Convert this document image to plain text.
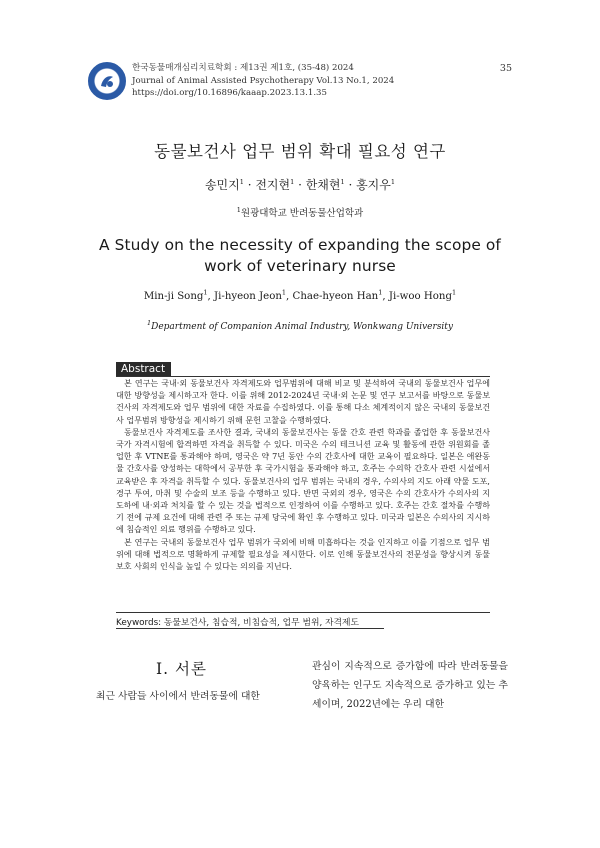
한국동물매개심리치료학회 : 제13권 제1호, (35-48) 2024
Journal of Animal Assisted Psychotherapy Vol.13 No.1, 2024
https://doi.org/10.16896/kaaap.2023.13.1.35
35
동물보건사 업무 범위 확대 필요성 연구
송민지$^1$ · 전지현$^1$ · 한채현$^1$ · 홍지우$^1$
$^1$원광대학교 반려동물산업학과
A Study on the necessity of expanding the scope of work of veterinary nurse
Min-ji Song$^1$, Ji-hyeon Jeon$^1$, Chae-hyeon Han$^1$, Ji-woo Hong$^1$
$^1$Department of Companion Animal Industry, Wonkwang University
Abstract

본 연구는 국내·외 동물보건사 자격제도와 업무범위에 대해 비교 및 분석하여 국내의 동물보건사 업무에 대한 방향성을 제시하고자 한다. 이를 위해 2012-2024년 국내·외 논문 및 연구 보고서를 바탕으로 동물보건사의 자격제도와 업무 범위에 대한 자료를 수집하였다. 이를 통해 다소 체계적이지 않은 국내의 동물보건사 업무범위 방향성을 제시하기 위해 문헌 고찰을 수행하였다.

동물보건사 자격제도를 조사한 결과, 국내의 동물보건사는 동물 간호 관련 학과를 졸업한 후 동물보건사 국가 자격시험에 합격하면 자격을 취득할 수 있다. 미국은 수의 테크니션 교육 및 활동에 관한 위원회를 졸업한 후 VTNE를 통과해야 하며, 영국은 약 7년 동안 수의 간호사에 대한 교육이 필요하다. 일본은 애완동물 간호사를 양성하는 대학에서 공부한 후 국가시험을 통과해야 하고, 호주는 수의학 간호사 관련 시설에서 교육받은 후 자격을 취득할 수 있다. 동물보건사의 업무 범위는 국내의 경우, 수의사의 지도 아래 약물 도포, 경구 투여, 마취 및 수술의 보조 등을 수행하고 있다. 반면 국외의 경우, 영국은 수의 간호사가 수의사의 지도하에 내·외과 처치를 할 수 있는 것을 법적으로 인정하여 이를 수행하고 있다. 호주는 간호 절차를 수행하기 전에 규제 요건에 대해 관련 주 또는 규제 당국에 확인 후 수행하고 있다. 미국과 일본은 수의사의 지시하에 침습적인 의료 행위를 수행하고 있다.

본 연구는 국내의 동물보건사 업무 범위가 국외에 비해 미흡하다는 것을 인지하고 이를 기점으로 업무 범위에 대해 법적으로 명확하게 규제할 필요성을 제시한다. 이로 인해 동물보건사의 전문성을 향상시켜 동물보호 사회의 인식을 높일 수 있다는 의의를 지닌다.

Keywords: 동물보건사, 침습적, 비침습적, 업무 범위, 자격제도
Ⅰ. 서론

최근 사람들 사이에서 반려동물에 대한

관심이 지속적으로 증가함에 따라 반려동물을 양육하는 인구도 지속적으로 증가하고 있는 추세이며, 2022년에는 우리 대한
